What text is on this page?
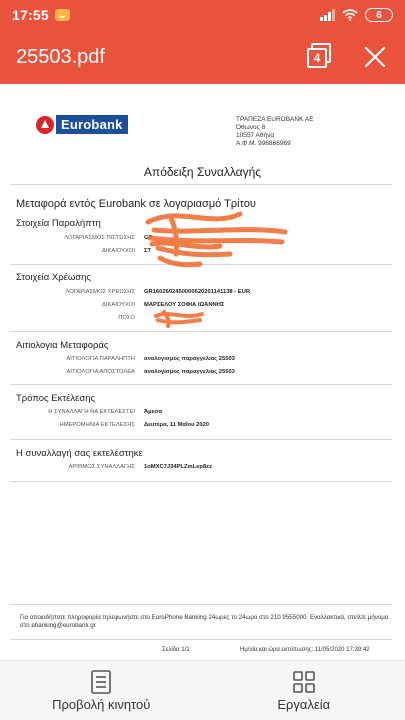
17:55	6
25503.pdf	4
Eurobank	ΤΡΑΠΕΖΑ EUROBANK AE
Όθωνος 8
10557 Αθήνα
Α.Φ.Μ. 996866969
Απόδειξη Συναλλαγής
Μεταφορά εντός Eurobank σε λογαριασμό Τρίτου
Στοιχεία Παραλήπτη
ΛΟΓΑΡΙΑΣΜΟΣ ΠΙΣΤΩΣΗΣ GR
ΔΙΚΑΙΟΥΧΟΙ ΣΤ
Στοιχεία Χρέωσης
ΛΟΓΑΡΙΑΣΜΟΣ ΧΡΕΩΣΗΣ GR1602602450000620201141138 - EUR
ΔΙΚΑΙΟΥΧΟΙ ΜΑΡΣΕΛΟΥ ΣΟΦΙΑ ΙΩΑΝΝΗΣ
ΠΟΣΟ
Αιτιολογια Μεταφοράς
ΑΙΤΙΟΛΟΓΙΑ ΠΑΡΑΛΗΠΤΗ αναλογισμος παραγγελιας 25503
ΑΙΤΙΟΛΟΓΙΑ ΑΠΟΣΤΟΛΕΑ αναλογισμος παραγγελιας 25503
Τρόπος Εκτέλεσης
Η ΣΥΝΑΛΛΑΓΗ ΝΑ ΕΚΤΕΛΕΣΤΕΙ Άμεσα
ΗΜΕΡΟΜΗΝΙΑ ΕΚΤΕΛΕΣΗΣ Δευτέρα, 11 Μαΐου 2020
Η συναλλαγή σας εκτελέστηκε
ΑΡΙΘΜΟΣ ΣΥΝΑΛΛΑΓΗΣ 1oMXC7J34PLZmLep8zz
Για οποιαδήποτε πληροφορία τηλεφωνήστε στο EuroPhone Banking 24ωρες το 24ωρο στο 210 9555000. Εναλλακτικά, στείλτε μήνυμα στο ebanking@eurobank.gr
Σελίδα 1/1	Ημ/νία και ώρα εκτύπωσης: 11/05/2020 17:39:42
Προβολή κινητού	Εργαλεία
